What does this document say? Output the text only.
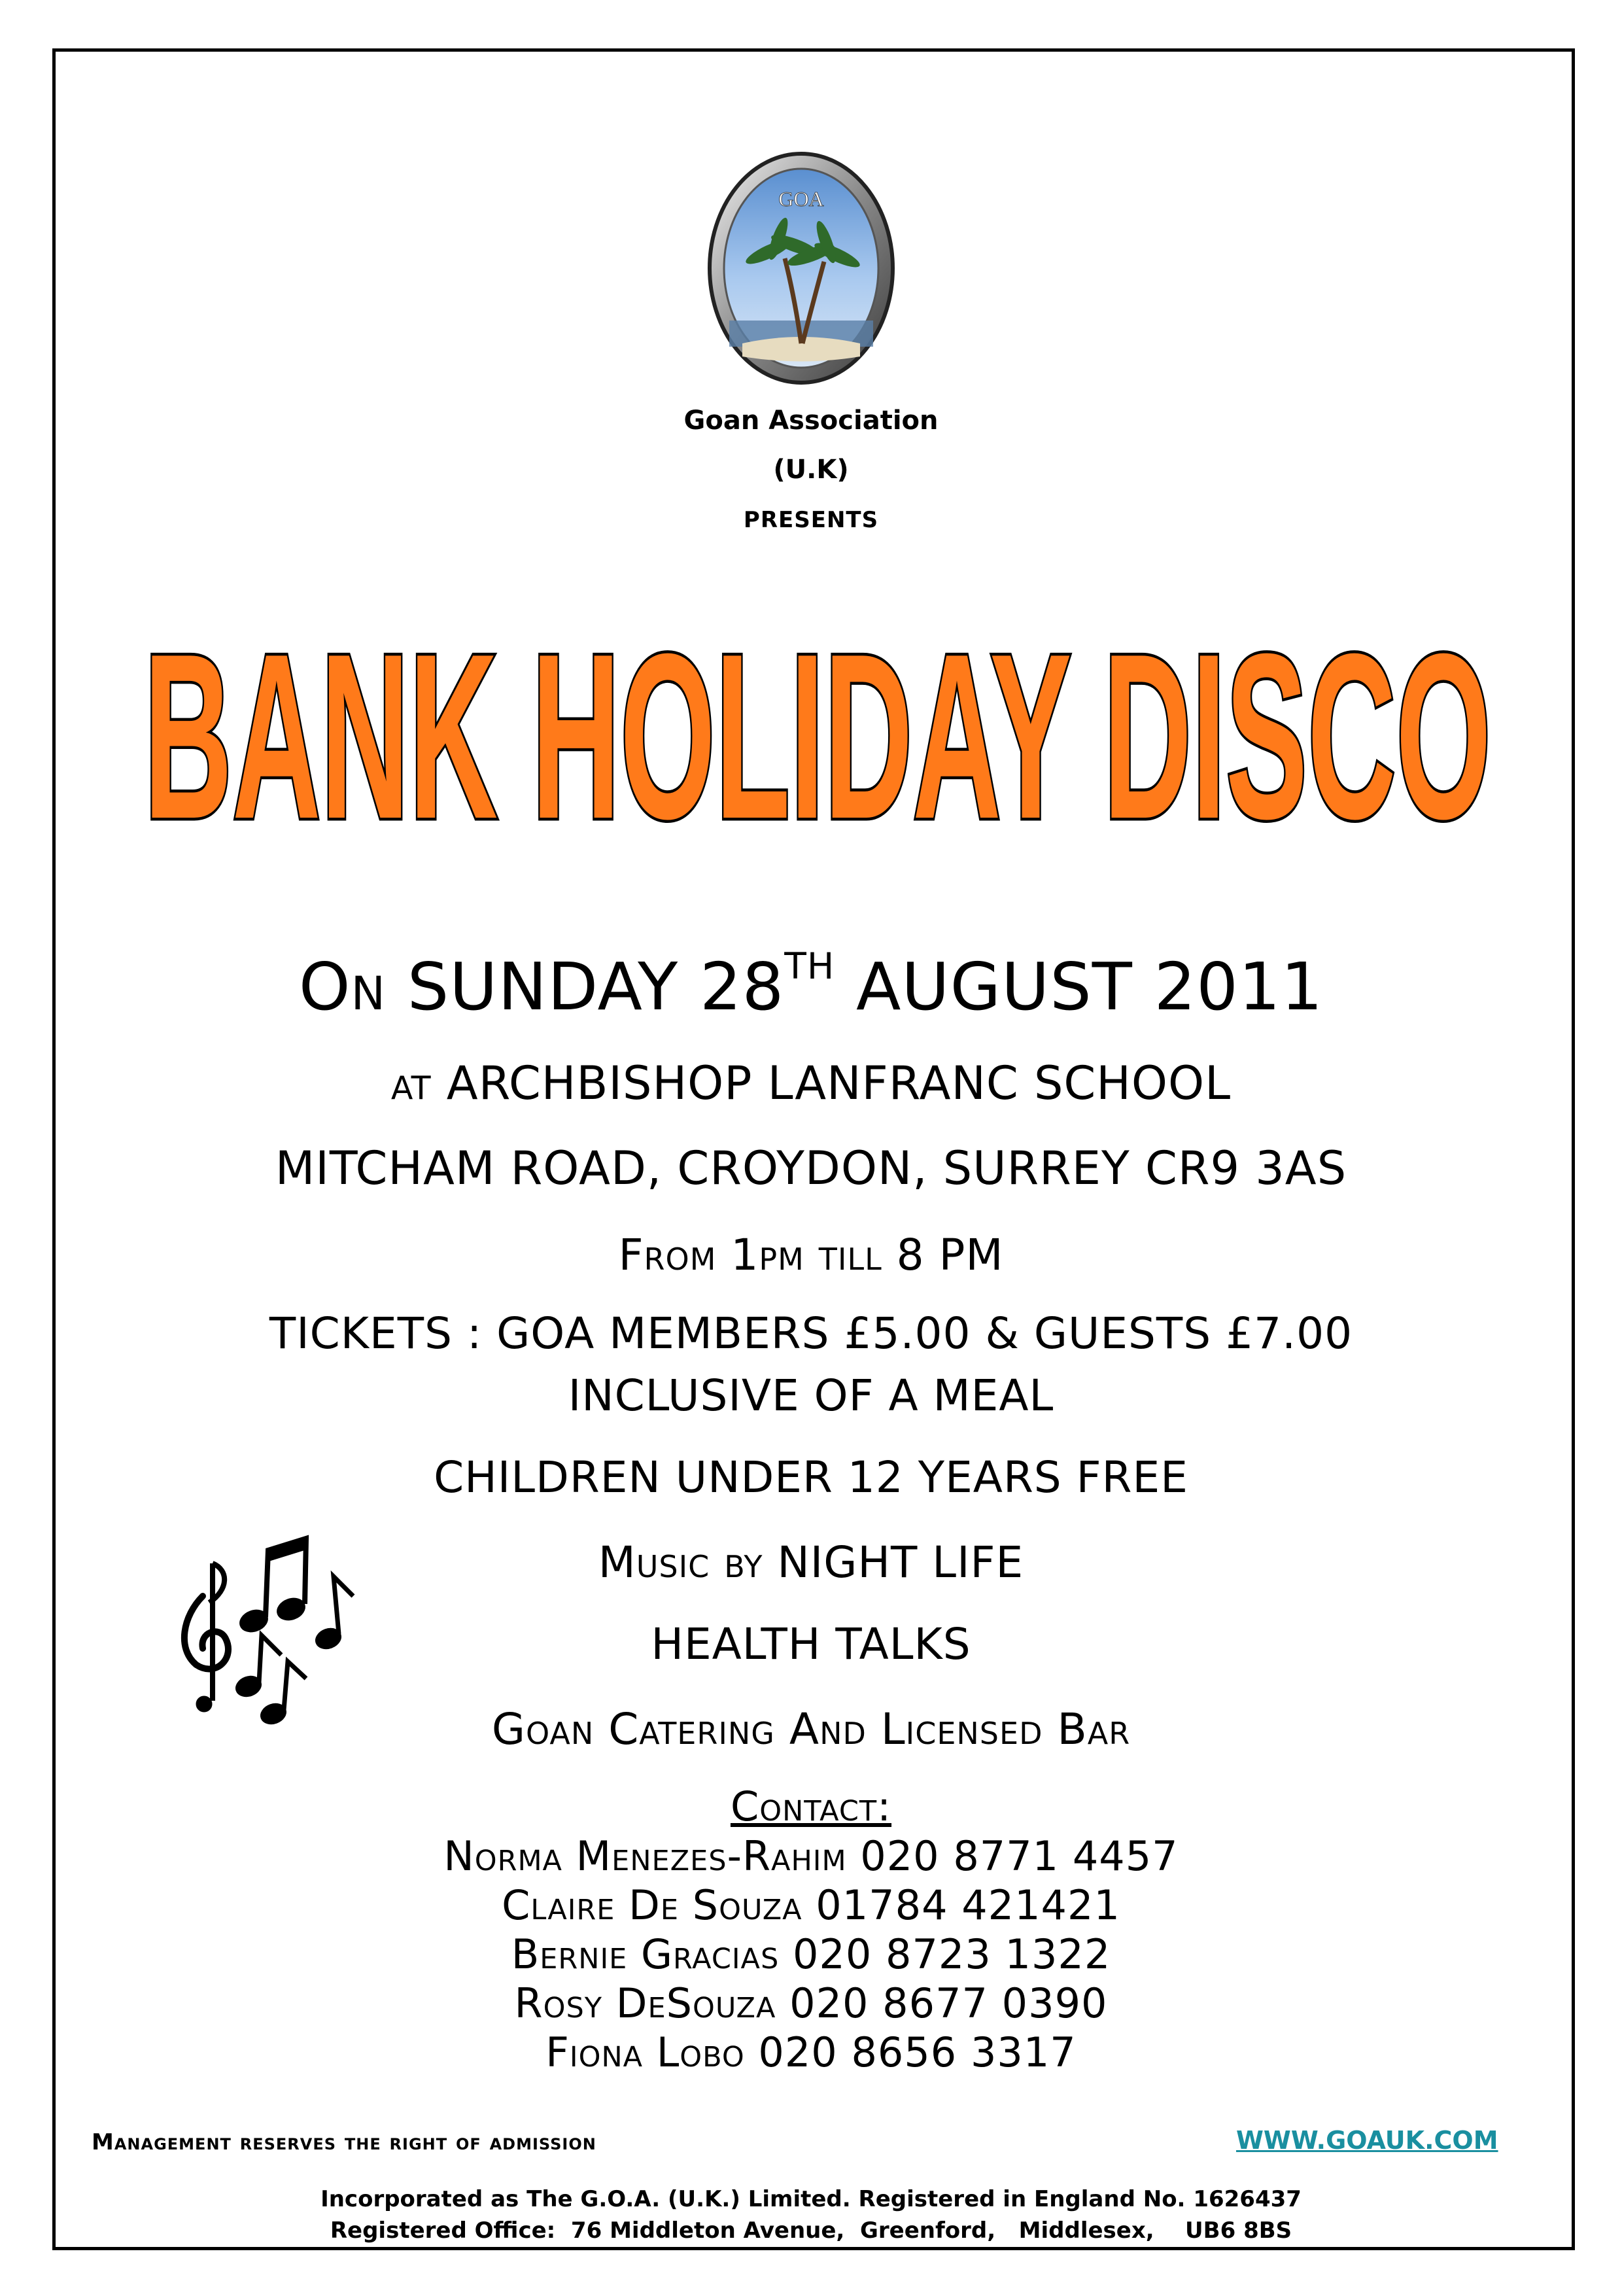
GOA
Goan Association
(U.K)
PRESENTS
BANK HOLIDAY DISCO
On SUNDAY 28TH AUGUST 2011
at ARCHBISHOP LANFRANC SCHOOL
MITCHAM ROAD, CROYDON, SURREY CR9 3AS
From 1pm till 8 PM
TICKETS : GOA MEMBERS £5.00 & GUESTS £7.00
INCLUSIVE OF A MEAL
CHILDREN UNDER 12 YEARS FREE
Music by NIGHT LIFE
HEALTH TALKS
Goan Catering And Licensed Bar
Contact:
Norma Menezes-Rahim 020 8771 4457
Claire De Souza 01784 421421
Bernie Gracias 020 8723 1322
Rosy DeSouza 020 8677 0390
Fiona Lobo 020 8656 3317
Management reserves the right of admission	WWW.GOAUK.COM
Incorporated as The G.O.A. (U.K.) Limited. Registered in England No. 1626437
Registered Office:  76 Middleton Avenue,  Greenford,   Middlesex,    UB6 8BS
